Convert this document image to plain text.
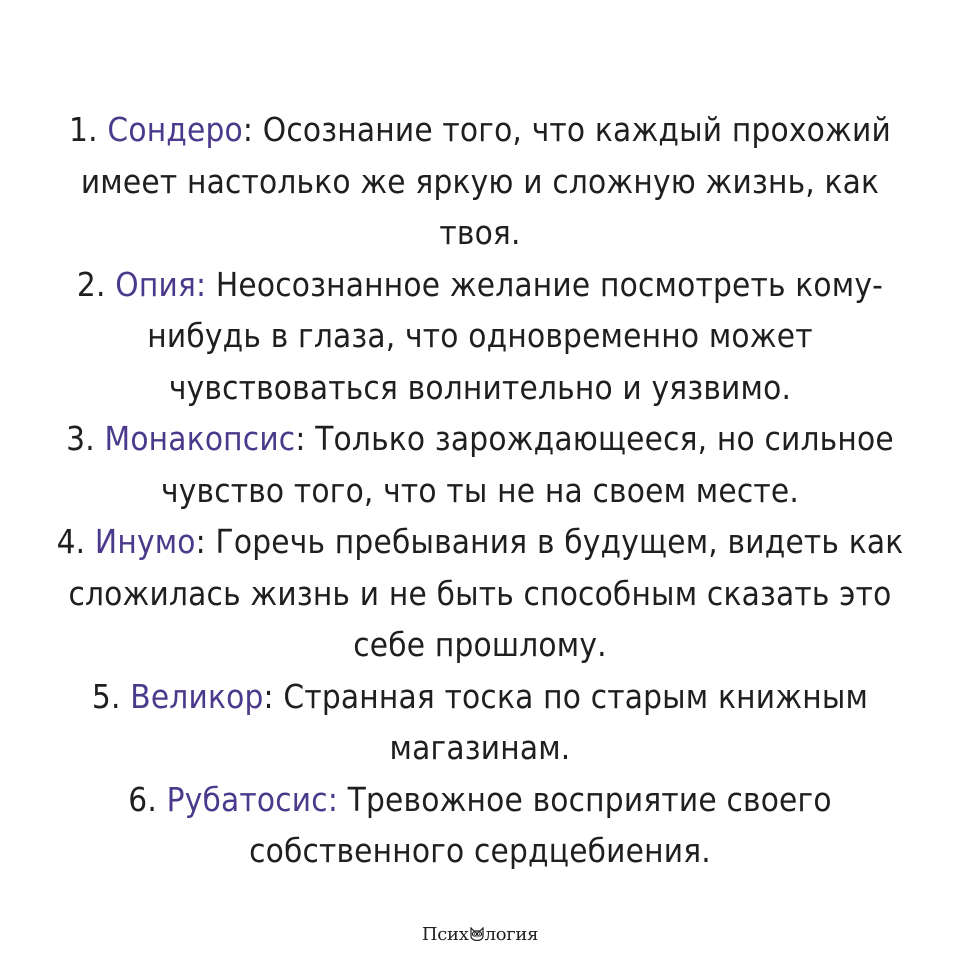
1. Сондеро: Осознание того, что каждый прохожий имеет настолько же яркую и сложную жизнь, как твоя.

2. Опия: Неосознанное желание посмотреть кому-нибудь в глаза, что одновременно может чувствоваться волнительно и уязвимо.

3. Монакопсис: Только зарождающееся, но сильное чувство того, что ты не на своем месте.

4. Инумо: Горечь пребывания в будущем, видеть как сложилась жизнь и не быть способным сказать это себе прошлому.

5. Великор: Странная тоска по старым книжным магазинам.

6. Рубатосис: Тревожное восприятие своего собственного сердцебиения.

Псих логия
